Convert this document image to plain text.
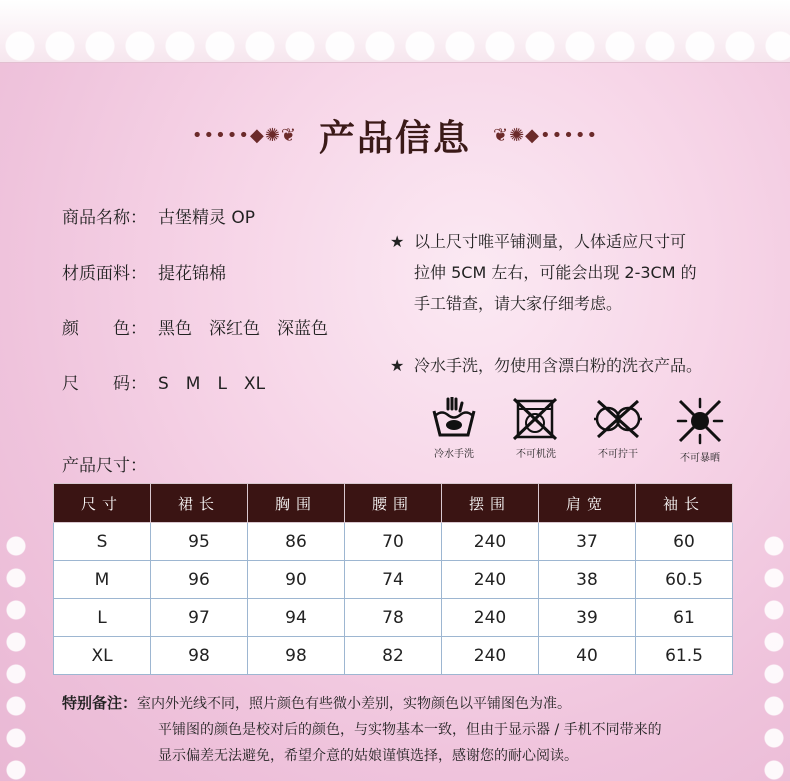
•••••◆✺❦ 产品信息 ❦✺◆•••••
商品名称： 古堡精灵 OP
材质面料： 提花锦棉
颜　　色： 黑色　深红色　深蓝色
尺　　码： S　M　L　XL
★ 以上尺寸唯平铺测量，人体适应尺寸可
拉伸 5CM 左右，可能会出现 2-3CM 的
手工错查，请大家仔细考虑。
★ 冷水手洗，勿使用含漂白粉的洗衣产品。
冷水手洗	不可机洗	不可拧干	不可暴晒
产品尺寸：
尺寸	裙长	胸围	腰围	摆围	肩宽	袖长
S	95	86	70	240	37	60
M	96	90	74	240	38	60.5
L	97	94	78	240	39	61
XL	98	98	82	240	40	61.5
特别备注：室内外光线不同，照片颜色有些微小差别，实物颜色以平铺图色为准。
平铺图的颜色是校对后的颜色，与实物基本一致，但由于显示器 / 手机不同带来的
显示偏差无法避免，希望介意的姑娘谨慎选择，感谢您的耐心阅读。
